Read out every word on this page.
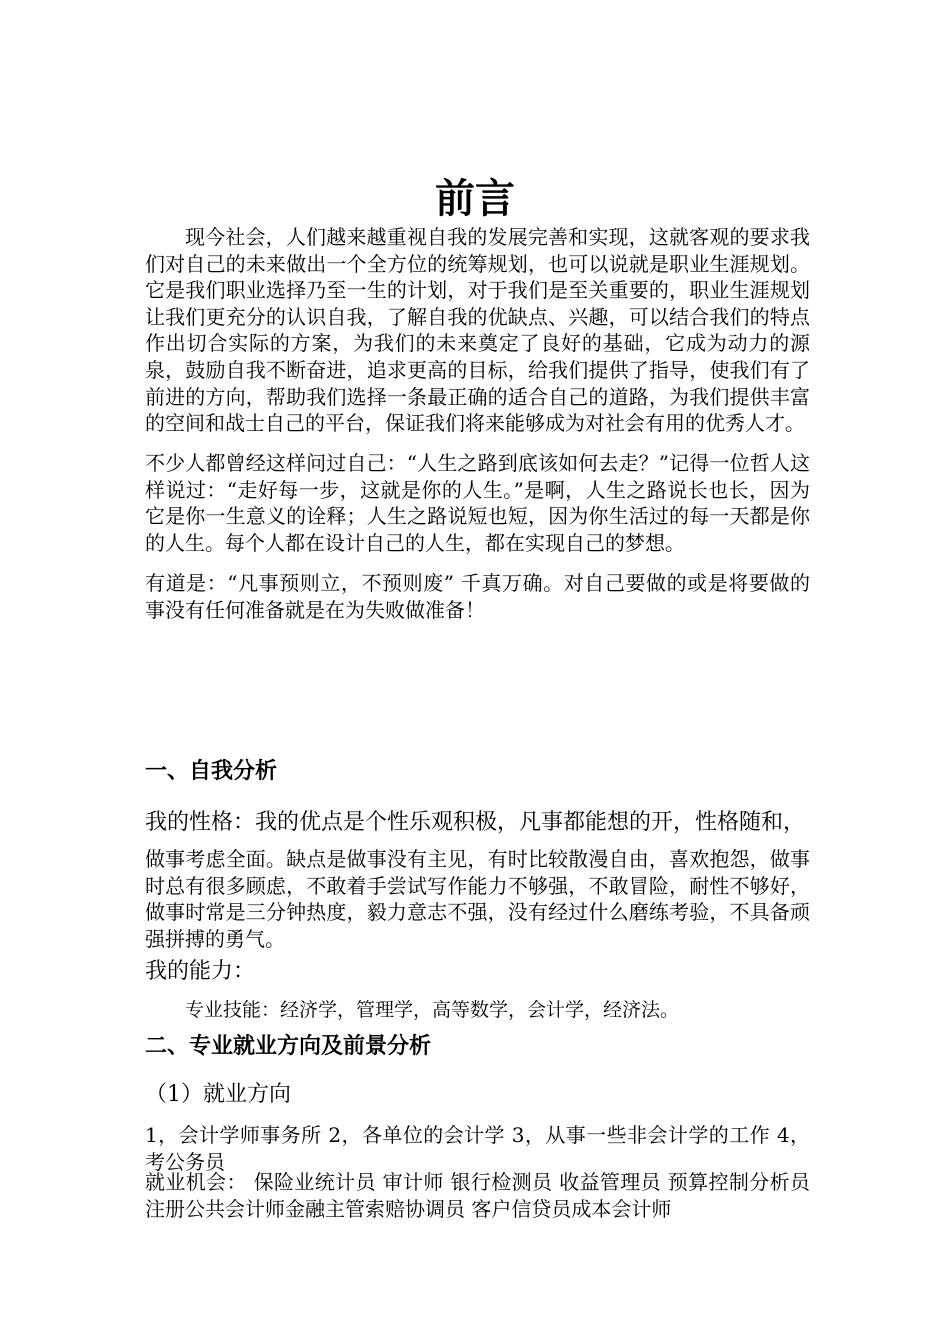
前言

现今社会，人们越来越重视自我的发展完善和实现，这就客观的要求我们对自己的未来做出一个全方位的统筹规划，也可以说就是职业生涯规划。它是我们职业选择乃至一生的计划，对于我们是至关重要的，职业生涯规划让我们更充分的认识自我，了解自我的优缺点、兴趣，可以结合我们的特点作出切合实际的方案，为我们的未来奠定了良好的基础，它成为动力的源泉，鼓励自我不断奋进，追求更高的目标，给我们提供了指导，使我们有了前进的方向，帮助我们选择一条最正确的适合自己的道路，为我们提供丰富的空间和战士自己的平台，保证我们将来能够成为对社会有用的优秀人才。

不少人都曾经这样问过自己：“人生之路到底该如何去走？”记得一位哲人这样说过：“走好每一步，这就是你的人生。”是啊，人生之路说长也长，因为它是你一生意义的诠释；人生之路说短也短，因为你生活过的每一天都是你的人生。每个人都在设计自己的人生，都在实现自己的梦想。

有道是：“凡事预则立，不预则废” 千真万确。对自己要做的或是将要做的事没有任何准备就是在为失败做准备！

一、自我分析

我的性格：我的优点是个性乐观积极，凡事都能想的开，性格随和，

做事考虑全面。缺点是做事没有主见，有时比较散漫自由，喜欢抱怨，做事时总有很多顾虑，不敢着手尝试写作能力不够强，不敢冒险，耐性不够好，做事时常是三分钟热度，毅力意志不强，没有经过什么磨练考验，不具备顽强拼搏的勇气。

我的能力：

专业技能：经济学，管理学，高等数学，会计学，经济法。

二、专业就业方向及前景分析

（1）就业方向

1，会计学师事务所 2，各单位的会计学 3，从事一些非会计学的工作 4，考公务员

就业机会： 保险业统计员 审计师 银行检测员 收益管理员 预算控制分析员 注册公共会计师金融主管索赔协调员 客户信贷员成本会计师
